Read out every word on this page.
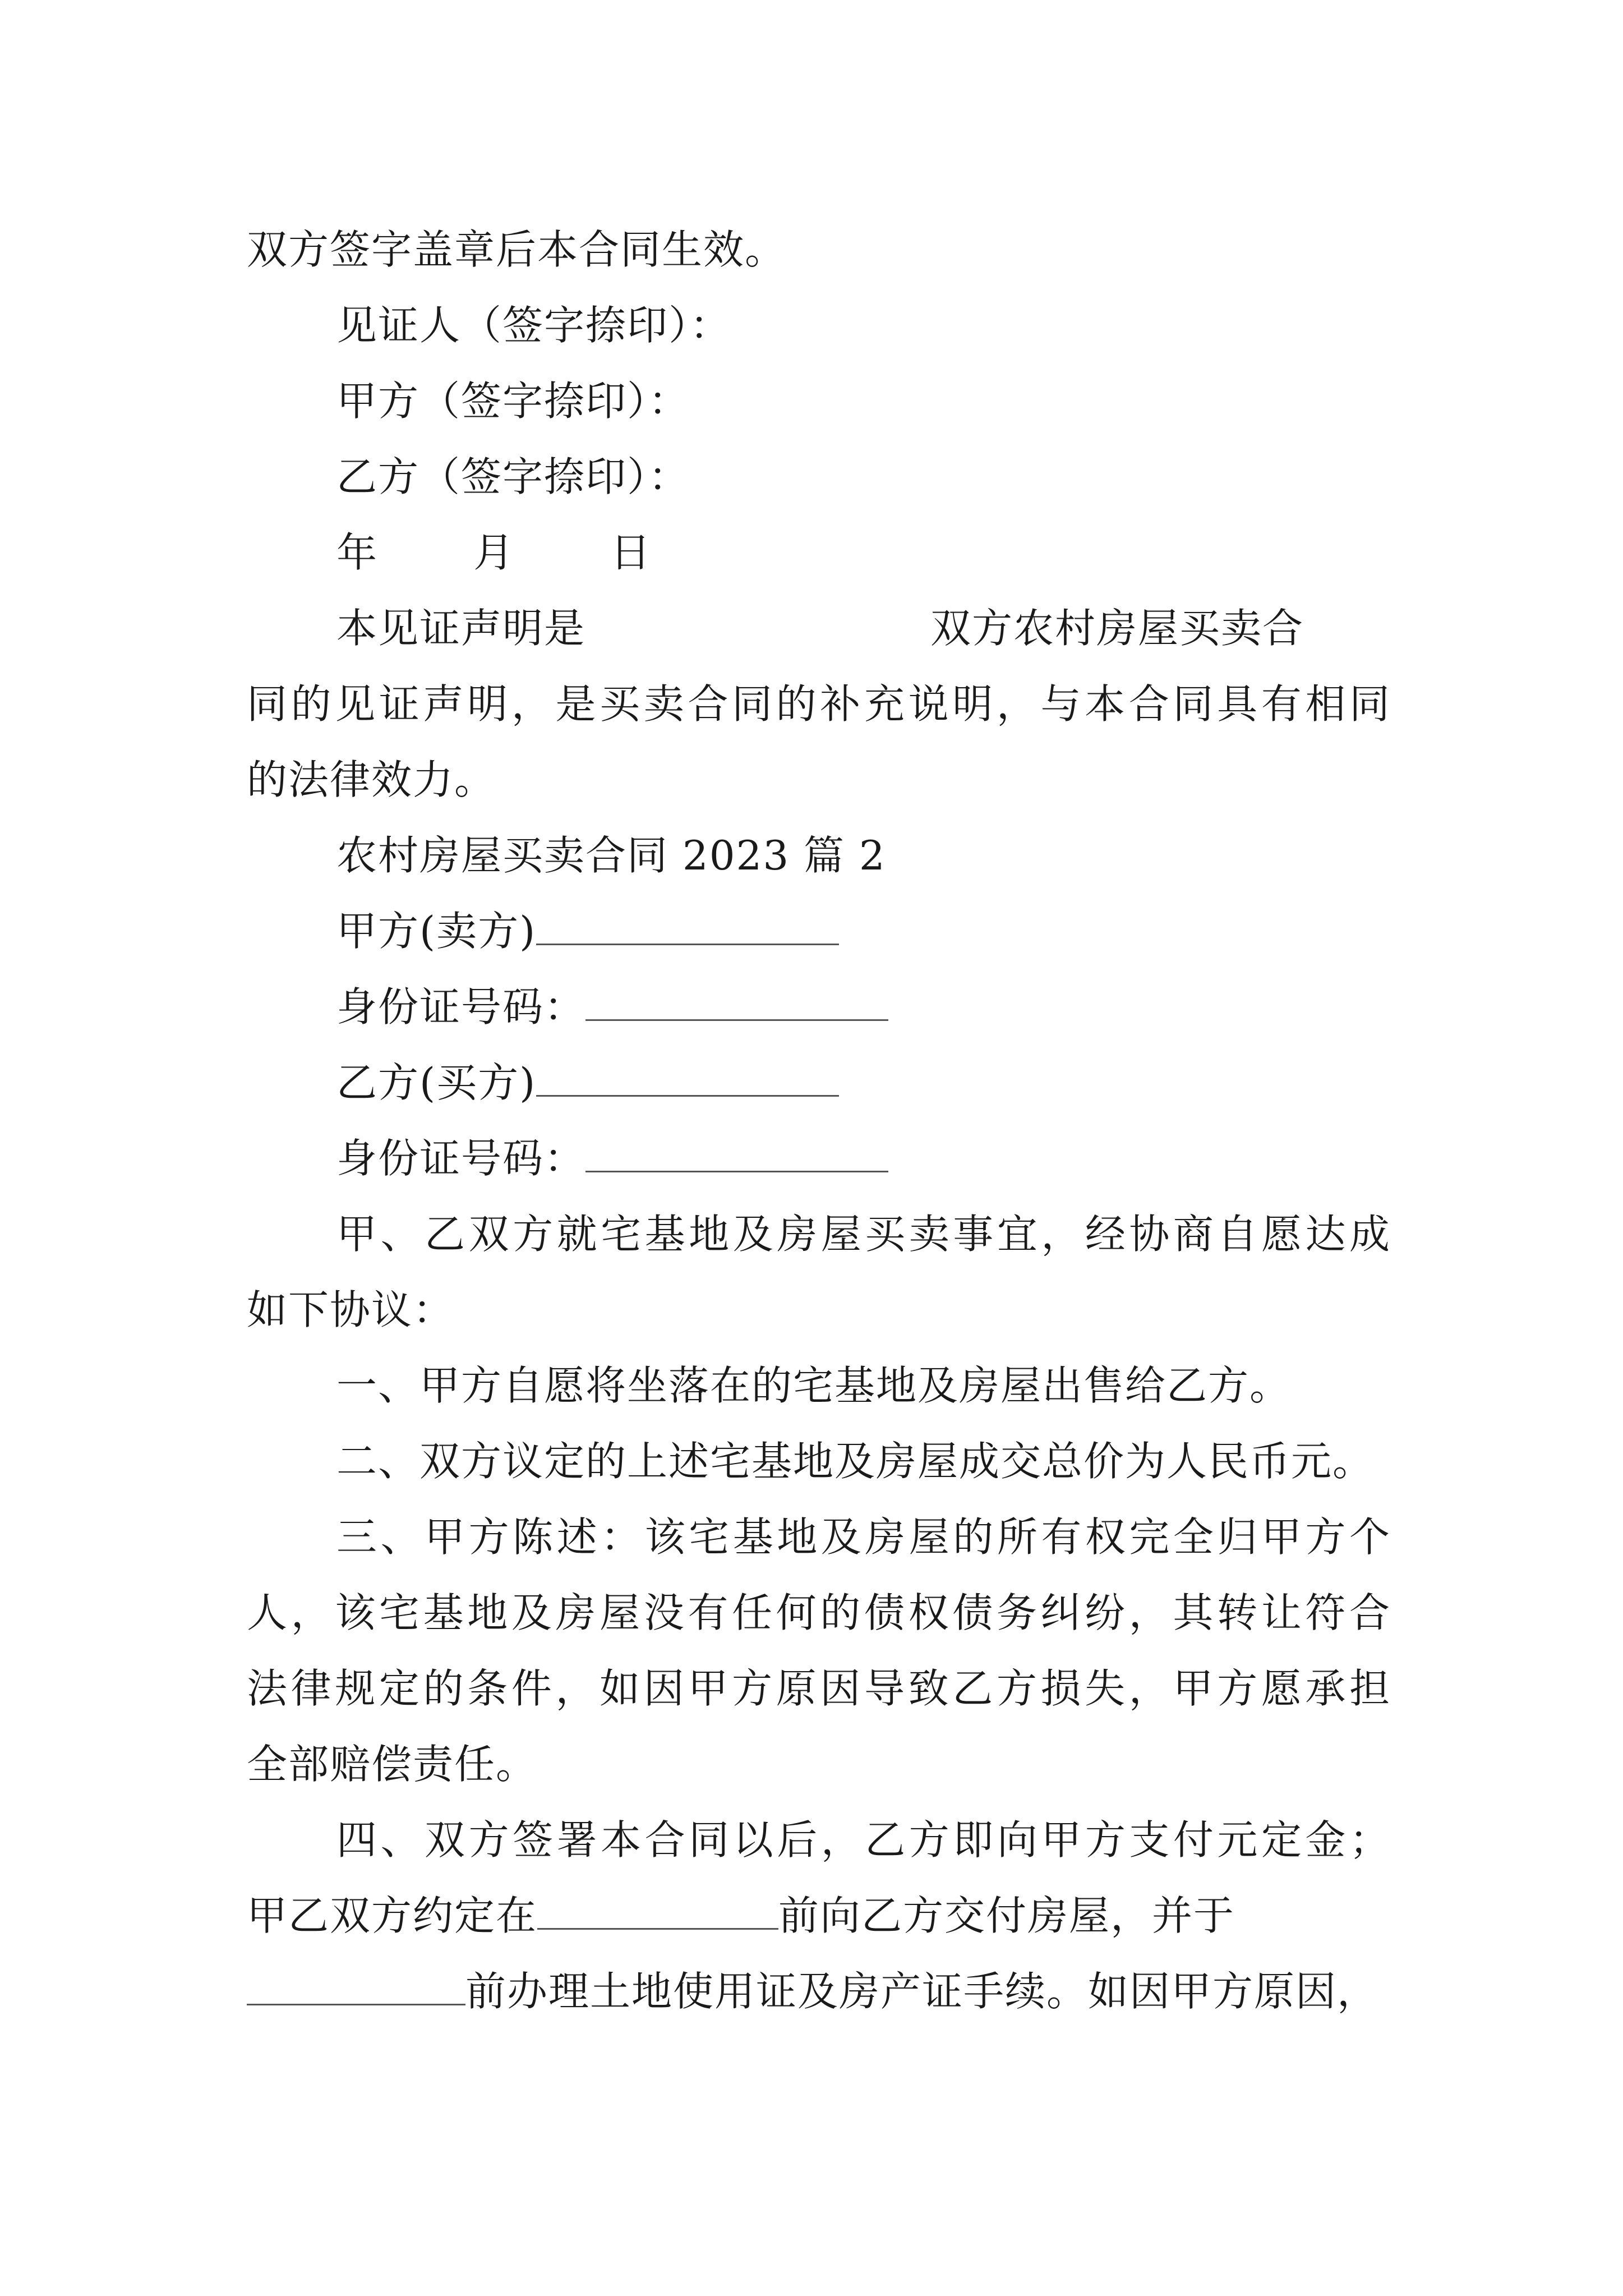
双方签字盖章后本合同生效。
见证人（签字捺印）：
甲方（签字捺印）：
乙方（签字捺印）：
年 月 日
本见证声明是	双方农村房屋买卖合
同的见证声明，是买卖合同的补充说明，与本合同具有相同
的法律效力。
农村房屋买卖合同 2023 篇 2
甲方(卖方)
身份证号码：
乙方(买方)
身份证号码：
甲、乙双方就宅基地及房屋买卖事宜，经协商自愿达成
如下协议：
一、甲方自愿将坐落在的宅基地及房屋出售给乙方。
二、双方议定的上述宅基地及房屋成交总价为人民币元。
三、甲方陈述：该宅基地及房屋的所有权完全归甲方个
人，该宅基地及房屋没有任何的债权债务纠纷，其转让符合
法律规定的条件，如因甲方原因导致乙方损失，甲方愿承担
全部赔偿责任。
四、双方签署本合同以后，乙方即向甲方支付元定金；
甲乙双方约定在	前向乙方交付房屋，并于
前办理土地使用证及房产证手续。如因甲方原因，
